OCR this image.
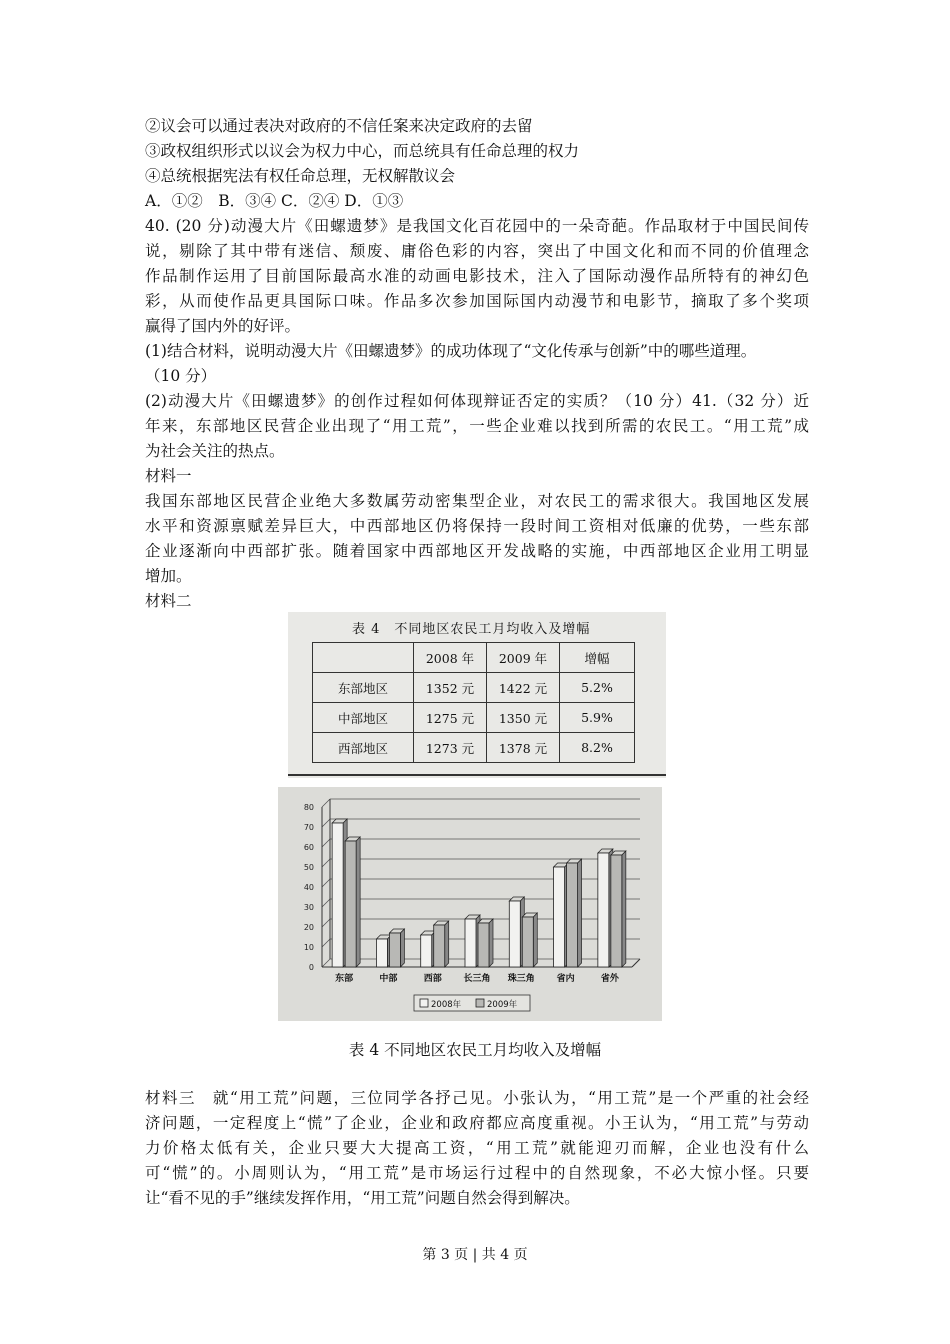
②议会可以通过表决对政府的不信任案来决定政府的去留
③政权组织形式以议会为权力中心，而总统具有任命总理的权力
④总统根据宪法有权任命总理，无权解散议会
A．①②　B．③④ C．②④ D．①③
40. (20 分)动漫大片《田螺遗梦》是我国文化百花园中的一朵奇葩。作品取材于中国民间传
说，剔除了其中带有迷信、颓废、庸俗色彩的内容，突出了中国文化和而不同的价值理念
作品制作运用了目前国际最高水准的动画电影技术，注入了国际动漫作品所特有的神幻色
彩，从而使作品更具国际口味。作品多次参加国际国内动漫节和电影节，摘取了多个奖项
赢得了国内外的好评。
(1)结合材料，说明动漫大片《田螺遗梦》的成功体现了“文化传承与创新”中的哪些道理。
（10 分）
(2)动漫大片《田螺遗梦》的创作过程如何体现辩证否定的实质？（10 分）41.（32 分）近
年来，东部地区民营企业出现了“用工荒”，一些企业难以找到所需的农民工。“用工荒”成
为社会关注的热点。
材料一
我国东部地区民营企业绝大多数属劳动密集型企业，对农民工的需求很大。我国地区发展
水平和资源禀赋差异巨大，中西部地区仍将保持一段时间工资相对低廉的优势，一些东部
企业逐渐向中西部扩张。随着国家中西部地区开发战略的实施，中西部地区企业用工明显
增加。
材料二
表 4　不同地区农民工月均收入及增幅
	2008 年	2009 年	增幅
东部地区	1352 元	1422 元	5.2%
中部地区	1275 元	1350 元	5.9%
西部地区	1273 元	1378 元	8.2%
0
10
20
30
40
50
60
70
80
东部	中部	西部 长三角 珠三角 省内	省外
2008年	2009年
表 4 不同地区农民工月均收入及增幅
材料三　就“用工荒”问题，三位同学各抒己见。小张认为，“用工荒”是一个严重的社会经
济问题，一定程度上“慌”了企业，企业和政府都应高度重视。小王认为，“用工荒”与劳动
力价格太低有关，企业只要大大提高工资，“用工荒”就能迎刃而解，企业也没有什么
可“慌”的。小周则认为，“用工荒”是市场运行过程中的自然现象，不必大惊小怪。只要
让“看不见的手”继续发挥作用，“用工荒”问题自然会得到解决。
第 3 页 | 共 4 页
